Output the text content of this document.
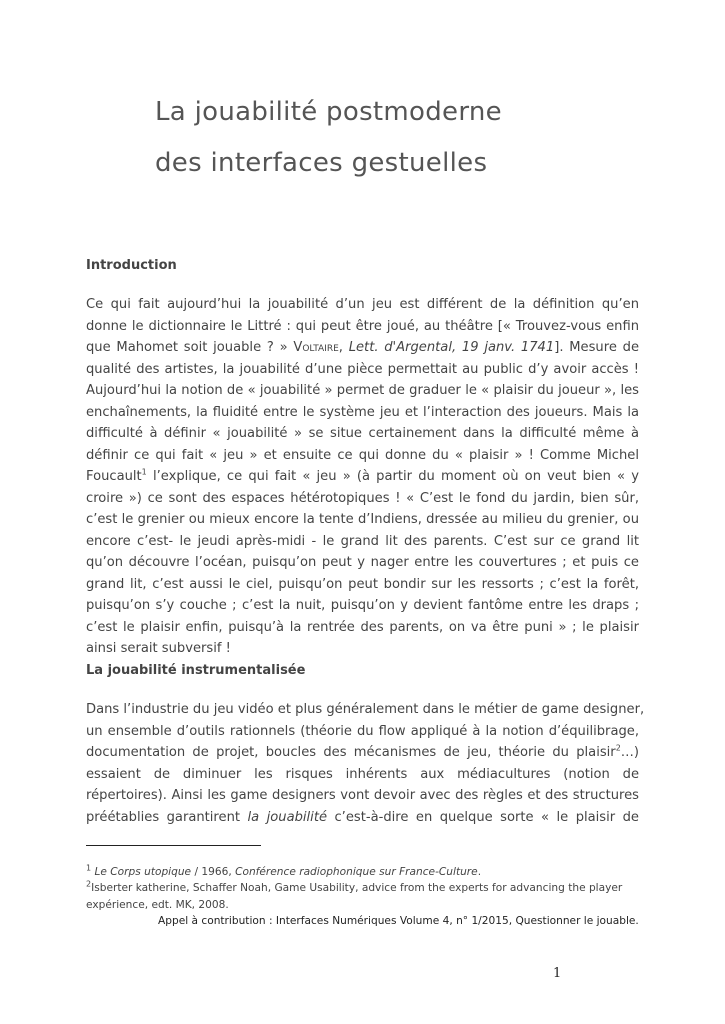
La jouabilité postmoderne
des interfaces gestuelles
Introduction
Ce qui fait aujourd’hui la jouabilité d’un jeu est différent de la définition qu’en
donne le dictionnaire le Littré : qui peut être joué, au théâtre [« Trouvez-vous enfin
que Mahomet soit jouable ? » Voltaire, Lett. d'Argental, 19 janv. 1741]. Mesure de
qualité des artistes, la jouabilité d’une pièce permettait au public d’y avoir accès !
Aujourd’hui la notion de « jouabilité » permet de graduer le « plaisir du joueur », les
enchaînements, la fluidité entre le système jeu et l’interaction des joueurs. Mais la
difficulté à définir « jouabilité » se situe certainement dans la difficulté même à
définir ce qui fait « jeu » et ensuite ce qui donne du « plaisir » ! Comme Michel
Foucault$^1$ l’explique, ce qui fait « jeu » (à partir du moment où on veut bien « y
croire ») ce sont des espaces hétérotopiques ! « C’est le fond du jardin, bien sûr,
c’est le grenier ou mieux encore la tente d’Indiens, dressée au milieu du grenier, ou
encore c’est- le jeudi après-midi - le grand lit des parents. C’est sur ce grand lit
qu’on découvre l’océan, puisqu’on peut y nager entre les couvertures ; et puis ce
grand lit, c’est aussi le ciel, puisqu’on peut bondir sur les ressorts ; c’est la forêt,
puisqu’on s’y couche ; c’est la nuit, puisqu’on y devient fantôme entre les draps ;
c’est le plaisir enfin, puisqu’à la rentrée des parents, on va être puni » ; le plaisir
ainsi serait subversif !
La jouabilité instrumentalisée
Dans l’industrie du jeu vidéo et plus généralement dans le métier de game designer,
un ensemble d’outils rationnels (théorie du flow appliqué à la notion d’équilibrage,
documentation de projet, boucles des mécanismes de jeu, théorie du plaisir$^2$…)
essaient de diminuer les risques inhérents aux médiacultures (notion de
répertoires). Ainsi les game designers vont devoir avec des règles et des structures
préétablies garantirent la jouabilité c’est-à-dire en quelque sorte « le plaisir de

$^1$ Le Corps utopique / 1966, Conférence radiophonique sur France-Culture.

$^2$Isberter katherine, Schaffer Noah, Game Usability, advice from the experts for advancing the player
expérience, edt. MK, 2008.

Appel à contribution : Interfaces Numériques Volume 4, n° 1/2015, Questionner le jouable.

1
